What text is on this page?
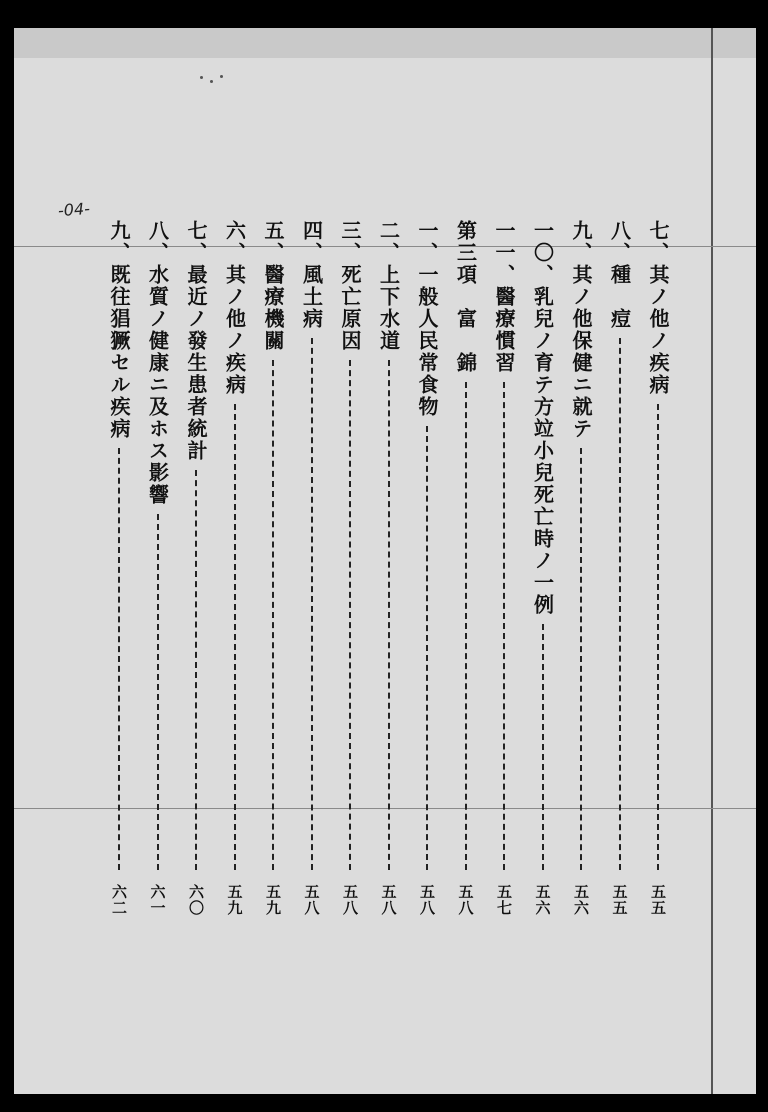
-04-
七、其ノ他ノ疾病
五五
八、種　痘
五五
九、其ノ他保健ニ就テ
五六
一〇、乳兒ノ育テ方竝小兒死亡時ノ一例
五六
一一、醫療慣習
五七
第三項　富　錦
五八
一、一般人民常食物
五八
二、上下水道
五八
三、死亡原因
五八
四、風土病
五八
五、醫療機關
五九
六、其ノ他ノ疾病
五九
七、最近ノ發生患者統計
六〇
八、水質ノ健康ニ及ホス影響
六一
九、既往猖獗セル疾病
六二
